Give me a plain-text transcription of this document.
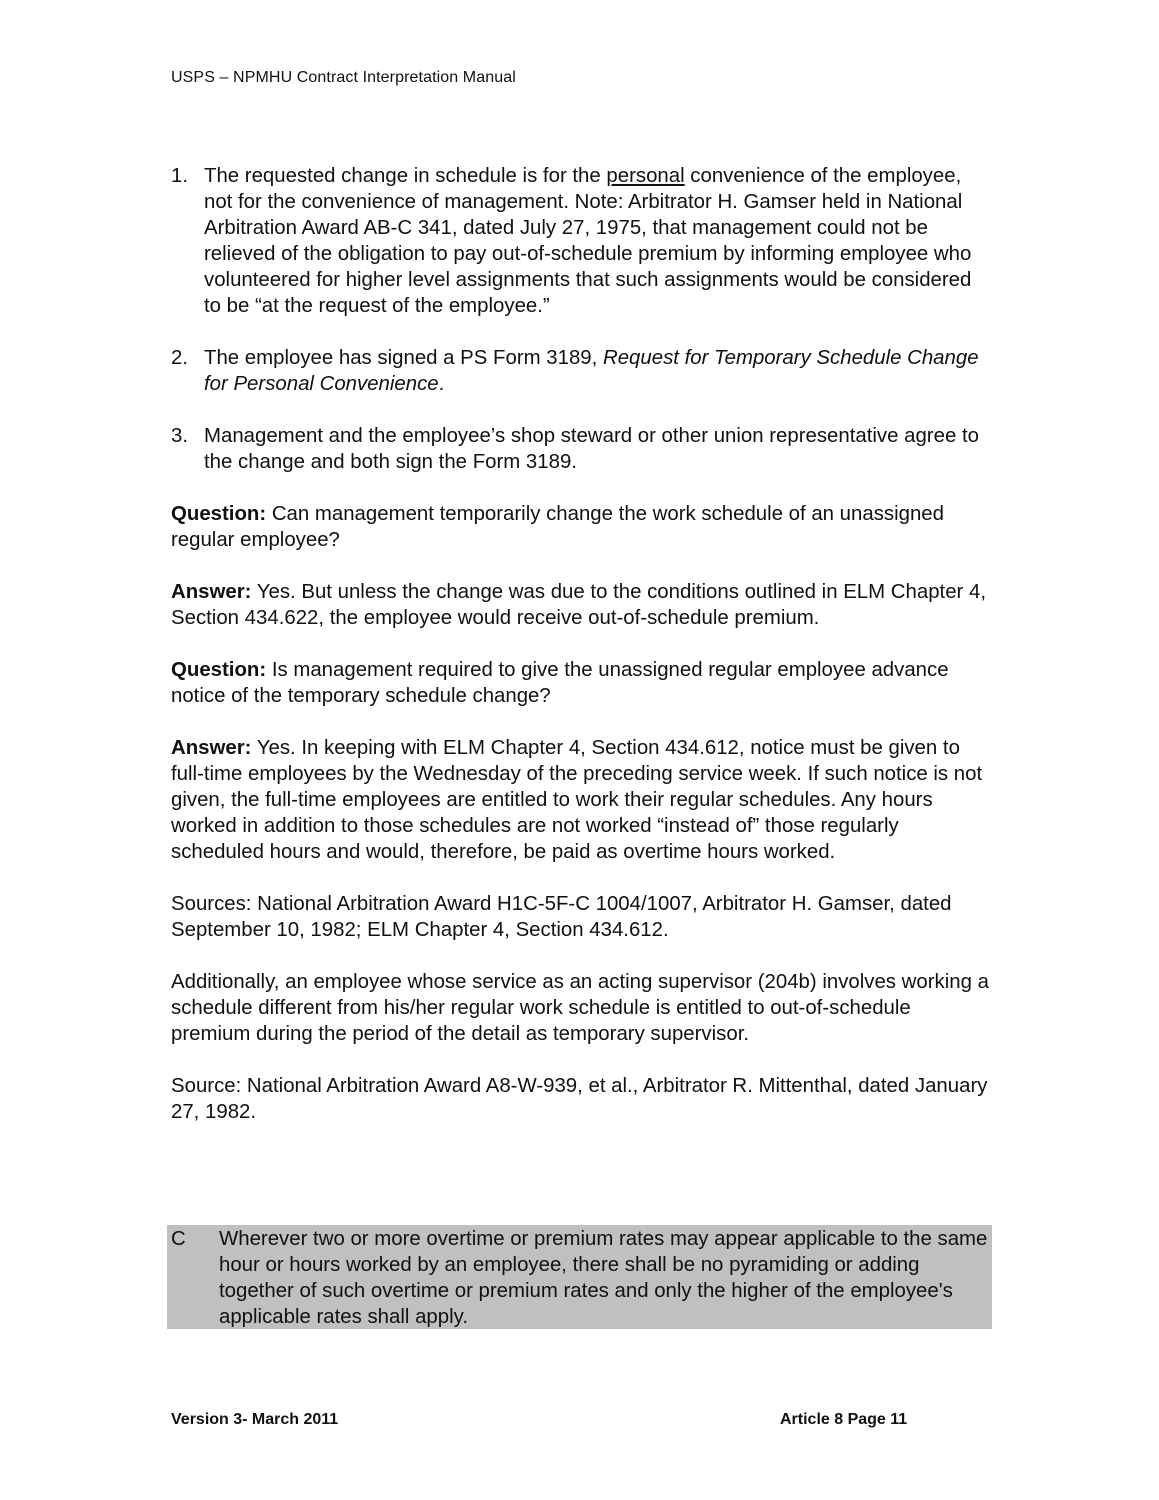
USPS – NPMHU Contract Interpretation Manual
1. The requested change in schedule is for the personal convenience of the employee, not for the convenience of management. Note: Arbitrator H. Gamser held in National Arbitration Award AB-C 341, dated July 27, 1975, that management could not be relieved of the obligation to pay out-of-schedule premium by informing employee who volunteered for higher level assignments that such assignments would be considered to be “at the request of the employee.”
2. The employee has signed a PS Form 3189, Request for Temporary Schedule Change for Personal Convenience.
3. Management and the employee’s shop steward or other union representative agree to the change and both sign the Form 3189.

Question: Can management temporarily change the work schedule of an unassigned regular employee?

Answer: Yes. But unless the change was due to the conditions outlined in ELM Chapter 4, Section 434.622, the employee would receive out-of-schedule premium.

Question: Is management required to give the unassigned regular employee advance notice of the temporary schedule change?

Answer: Yes. In keeping with ELM Chapter 4, Section 434.612, notice must be given to full-time employees by the Wednesday of the preceding service week. If such notice is not given, the full-time employees are entitled to work their regular schedules. Any hours worked in addition to those schedules are not worked “instead of” those regularly scheduled hours and would, therefore, be paid as overtime hours worked.

Sources: National Arbitration Award H1C-5F-C 1004/1007, Arbitrator H. Gamser, dated September 10, 1982; ELM Chapter 4, Section 434.612.

Additionally, an employee whose service as an acting supervisor (204b) involves working a schedule different from his/her regular work schedule is entitled to out-of-schedule premium during the period of the detail as temporary supervisor.

Source: National Arbitration Award A8-W-939, et al., Arbitrator R. Mittenthal, dated January 27, 1982.

C Wherever two or more overtime or premium rates may appear applicable to the same hour or hours worked by an employee, there shall be no pyramiding or adding together of such overtime or premium rates and only the higher of the employee's applicable rates shall apply.
Version 3- March 2011	Article 8 Page 11
